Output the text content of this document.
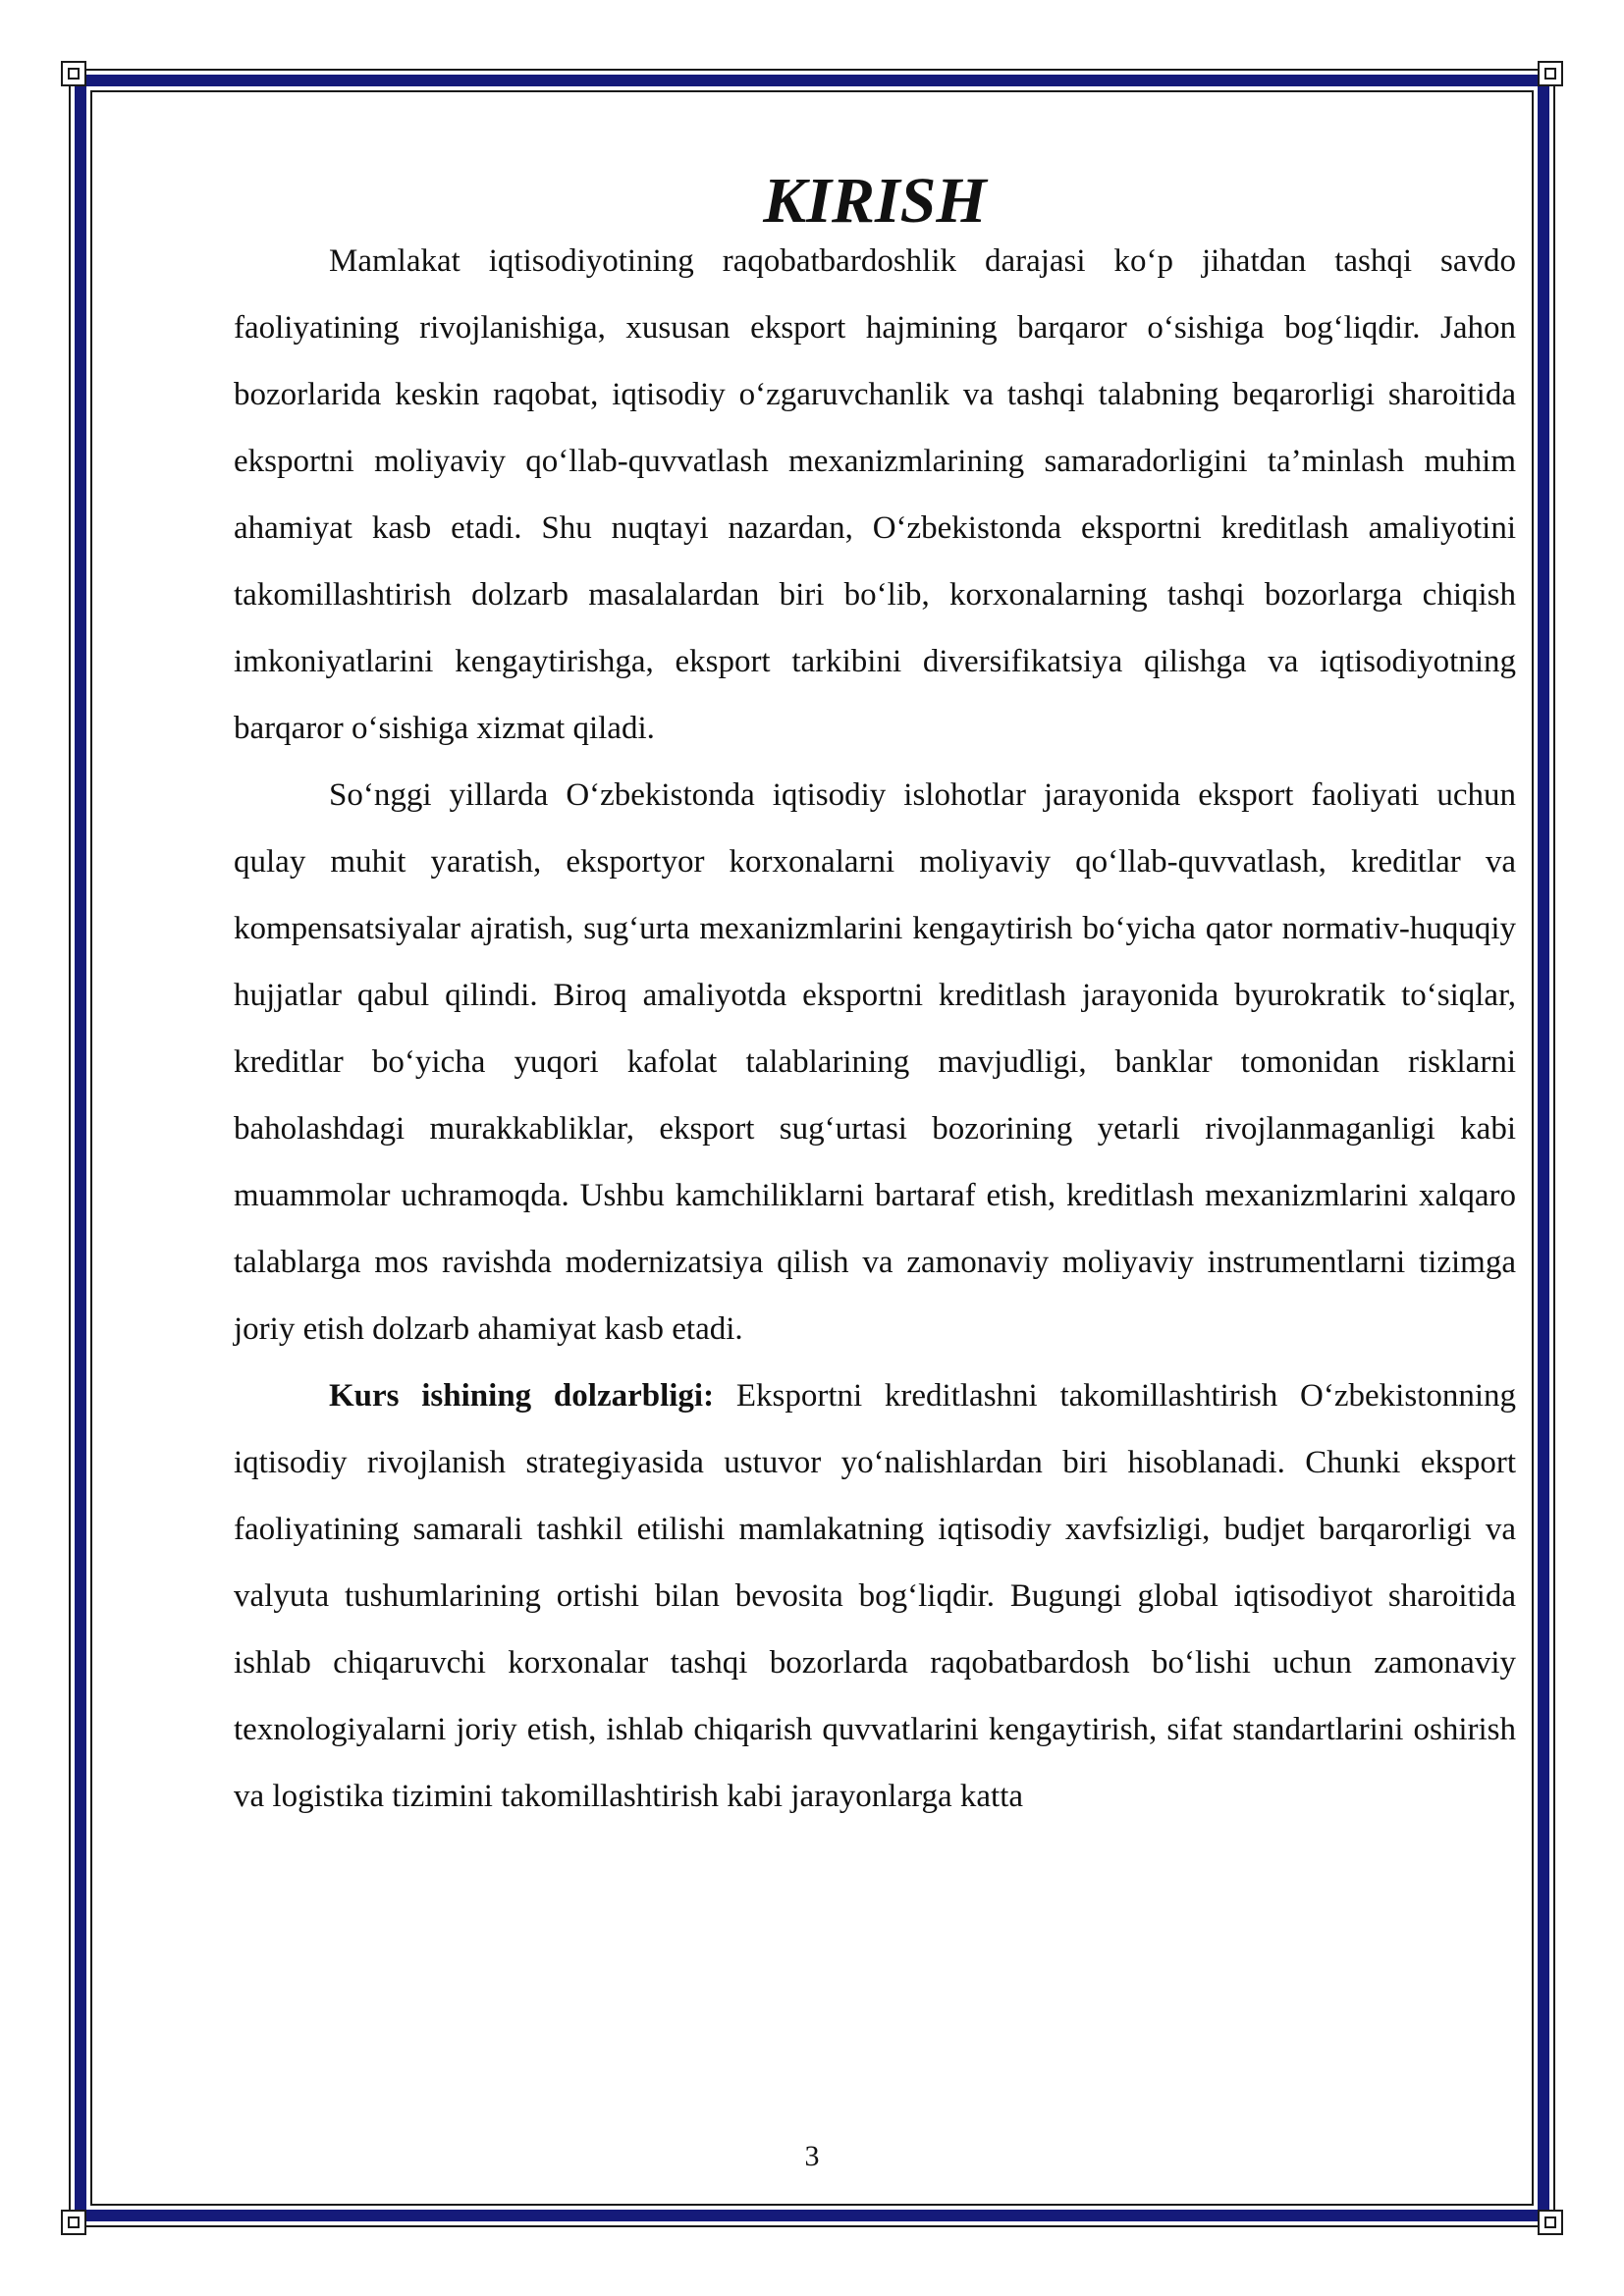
KIRISH

Mamlakat iqtisodiyotining raqobatbardoshlik darajasi ko‘p jihatdan tashqi savdo faoliyatining rivojlanishiga, xususan eksport hajmining barqaror o‘sishiga bog‘liqdir. Jahon bozorlarida keskin raqobat, iqtisodiy o‘zgaruvchanlik va tashqi talabning beqarorligi sharoitida eksportni moliyaviy qo‘llab-quvvatlash mexanizmlarining samaradorligini ta’minlash muhim ahamiyat kasb etadi. Shu nuqtayi nazardan, O‘zbekistonda eksportni kreditlash amaliyotini takomillashtirish dolzarb masalalardan biri bo‘lib, korxonalarning tashqi bozorlarga chiqish imkoniyatlarini kengaytirishga, eksport tarkibini diversifikatsiya qilishga va iqtisodiyotning barqaror o‘sishiga xizmat qiladi.

So‘nggi yillarda O‘zbekistonda iqtisodiy islohotlar jarayonida eksport faoliyati uchun qulay muhit yaratish, eksportyor korxonalarni moliyaviy qo‘llab-quvvatlash, kreditlar va kompensatsiyalar ajratish, sug‘urta mexanizmlarini kengaytirish bo‘yicha qator normativ-huquqiy hujjatlar qabul qilindi. Biroq amaliyotda eksportni kreditlash jarayonida byurokratik to‘siqlar, kreditlar bo‘yicha yuqori kafolat talablarining mavjudligi, banklar tomonidan risklarni baholashdagi murakkabliklar, eksport sug‘urtasi bozorining yetarli rivojlanmaganligi kabi muammolar uchramoqda. Ushbu kamchiliklarni bartaraf etish, kreditlash mexanizmlarini xalqaro talablarga mos ravishda modernizatsiya qilish va zamonaviy moliyaviy instrumentlarni tizimga joriy etish dolzarb ahamiyat kasb etadi.

Kurs ishining dolzarbligi: Eksportni kreditlashni takomillashtirish O‘zbekistonning iqtisodiy rivojlanish strategiyasida ustuvor yo‘nalishlardan biri hisoblanadi. Chunki eksport faoliyatining samarali tashkil etilishi mamlakatning iqtisodiy xavfsizligi, budjet barqarorligi va valyuta tushumlarining ortishi bilan bevosita bog‘liqdir. Bugungi global iqtisodiyot sharoitida ishlab chiqaruvchi korxonalar tashqi bozorlarda raqobatbardosh bo‘lishi uchun zamonaviy texnologiyalarni joriy etish, ishlab chiqarish quvvatlarini kengaytirish, sifat standartlarini oshirish va logistika tizimini takomillashtirish kabi jarayonlarga katta

3
